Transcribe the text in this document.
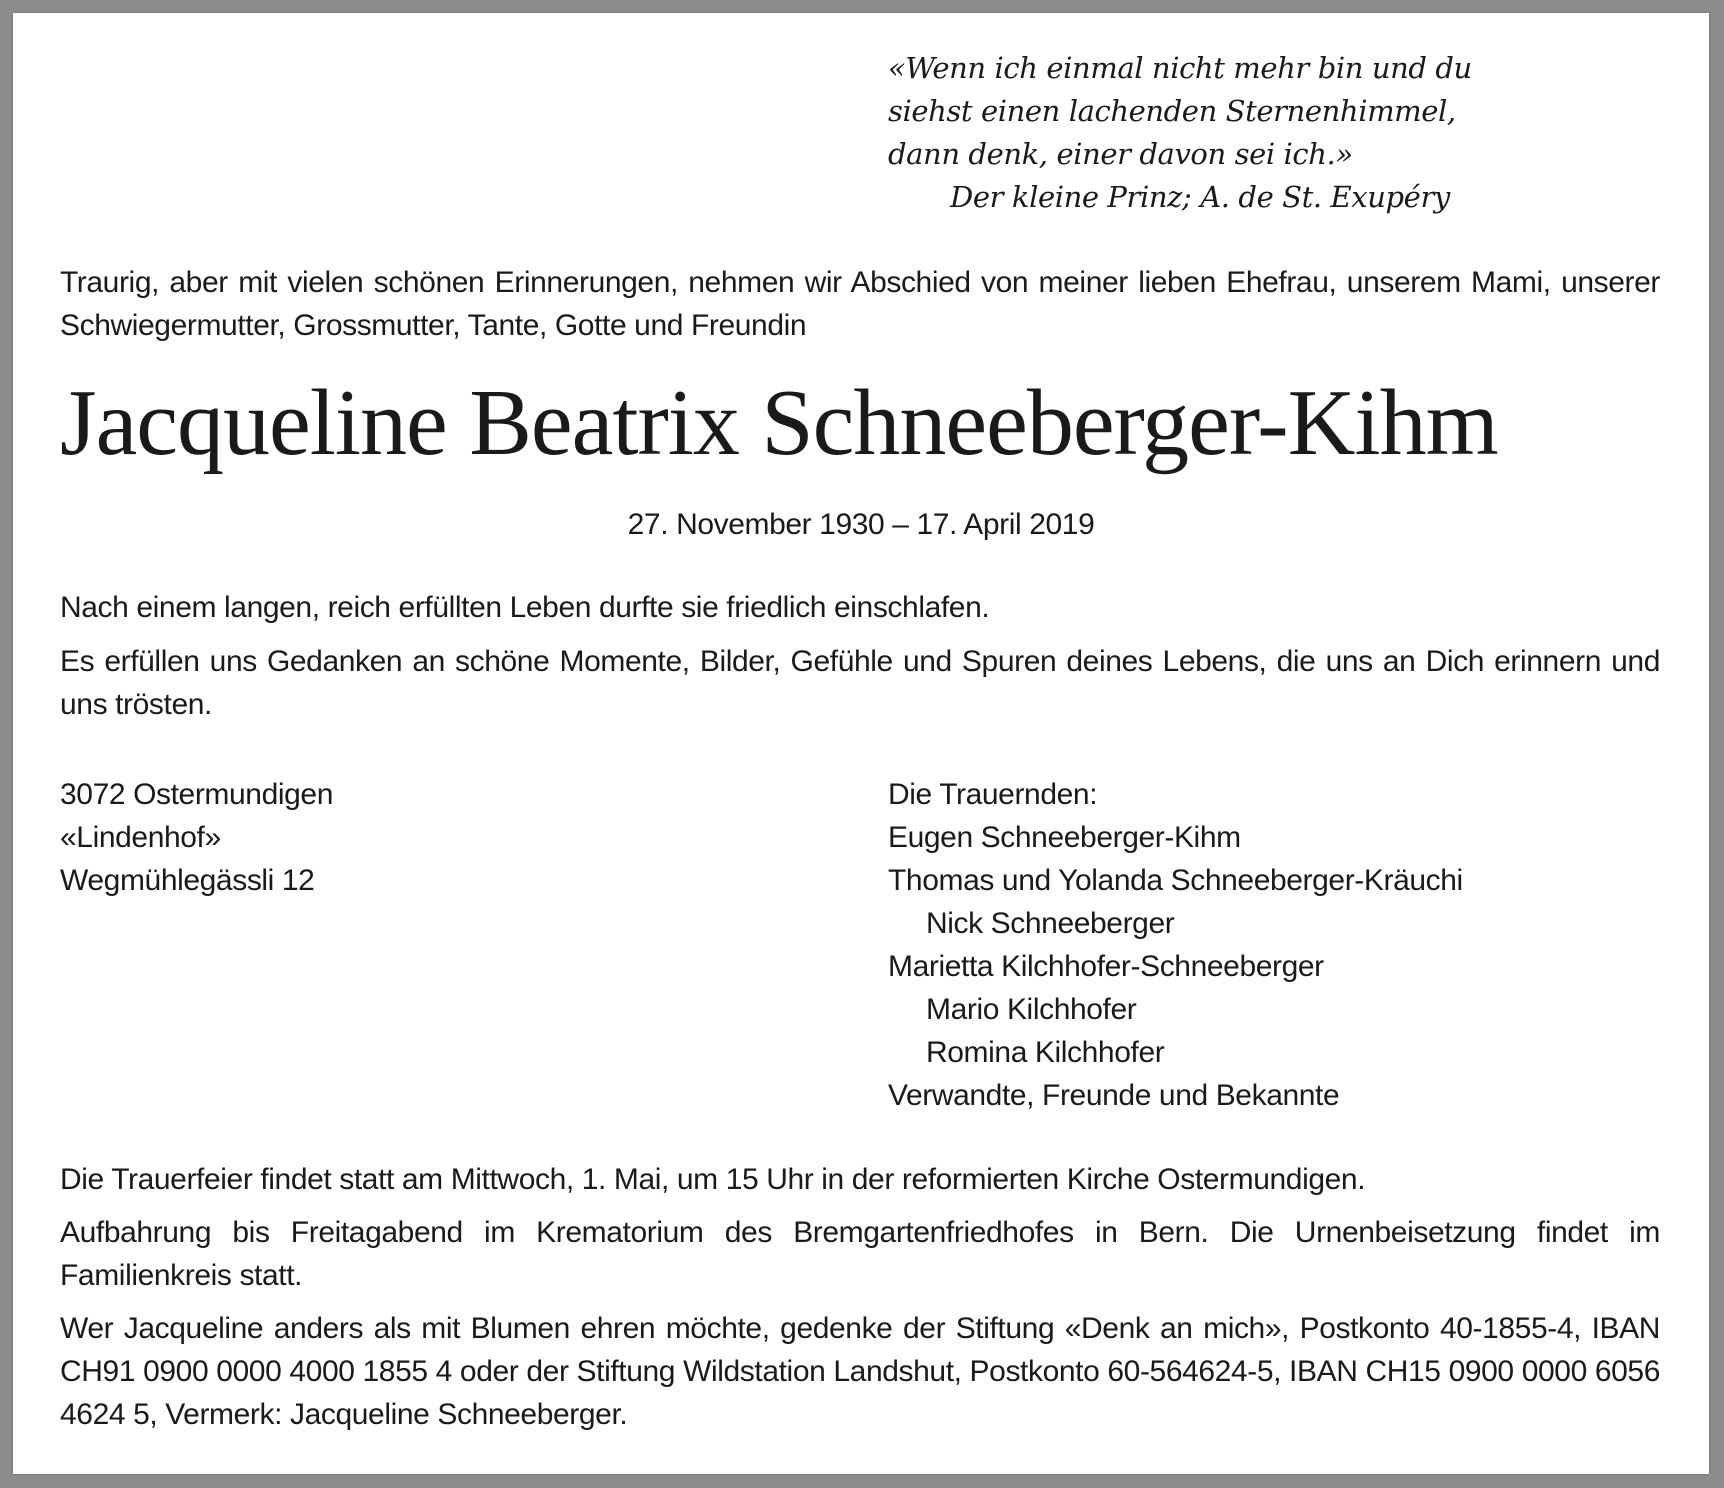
«Wenn ich einmal nicht mehr bin und du
siehst einen lachenden Sternenhimmel,
dann denk, einer davon sei ich.»
Der kleine Prinz; A. de St. Exupéry
Traurig, aber mit vielen schönen Erinnerungen, nehmen wir Abschied von meiner lieben Ehefrau, unserem Mami, unserer Schwiegermutter, Grossmutter, Tante, Gotte und Freundin
Jacqueline Beatrix Schneeberger-Kihm
27. November 1930 – 17. April 2019
Nach einem langen, reich erfüllten Leben durfte sie friedlich einschlafen.
Es erfüllen uns Gedanken an schöne Momente, Bilder, Gefühle und Spuren deines Lebens, die uns an Dich erinnern und uns trösten.
3072 Ostermundigen
«Lindenhof»
Wegmühlegässli 12
Die Trauernden:
Eugen Schneeberger-Kihm
Thomas und Yolanda Schneeberger-Kräuchi
Nick Schneeberger
Marietta Kilchhofer-Schneeberger
Mario Kilchhofer
Romina Kilchhofer
Verwandte, Freunde und Bekannte
Die Trauerfeier findet statt am Mittwoch, 1. Mai, um 15 Uhr in der reformierten Kirche Ostermundigen.
Aufbahrung bis Freitagabend im Krematorium des Bremgartenfriedhofes in Bern. Die Urnenbeisetzung findet im Familienkreis statt.
Wer Jacqueline anders als mit Blumen ehren möchte, gedenke der Stiftung «Denk an mich», Postkonto 40-1855-4, IBAN CH91 0900 0000 4000 1855 4 oder der Stiftung Wildstation Landshut, Postkonto 60-564624-5, IBAN CH15 0900 0000 6056 4624 5, Vermerk: Jacqueline Schneeberger.
